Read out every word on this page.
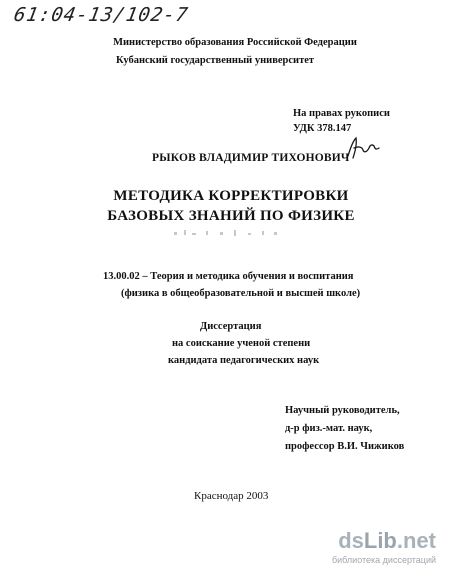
61:04-13/102-7
Министерство образования Российской Федерации
Кубанский государственный университет
На правах рукописи
УДК 378.147
РЫКОВ ВЛАДИМИР ТИХОНОВИЧ
МЕТОДИКА КОРРЕКТИРОВКИ
БАЗОВЫХ ЗНАНИЙ ПО ФИЗИКЕ
13.00.02 – Теория и методика обучения и воспитания
(физика в общеобразовательной и высшей школе)
Диссертация
на соискание ученой степени
кандидата педагогических наук
Научный руководитель,
д-р физ.-мат. наук,
профессор В.И. Чижиков
Краснодар 2003
dsLib.net
библиотека диссертаций
